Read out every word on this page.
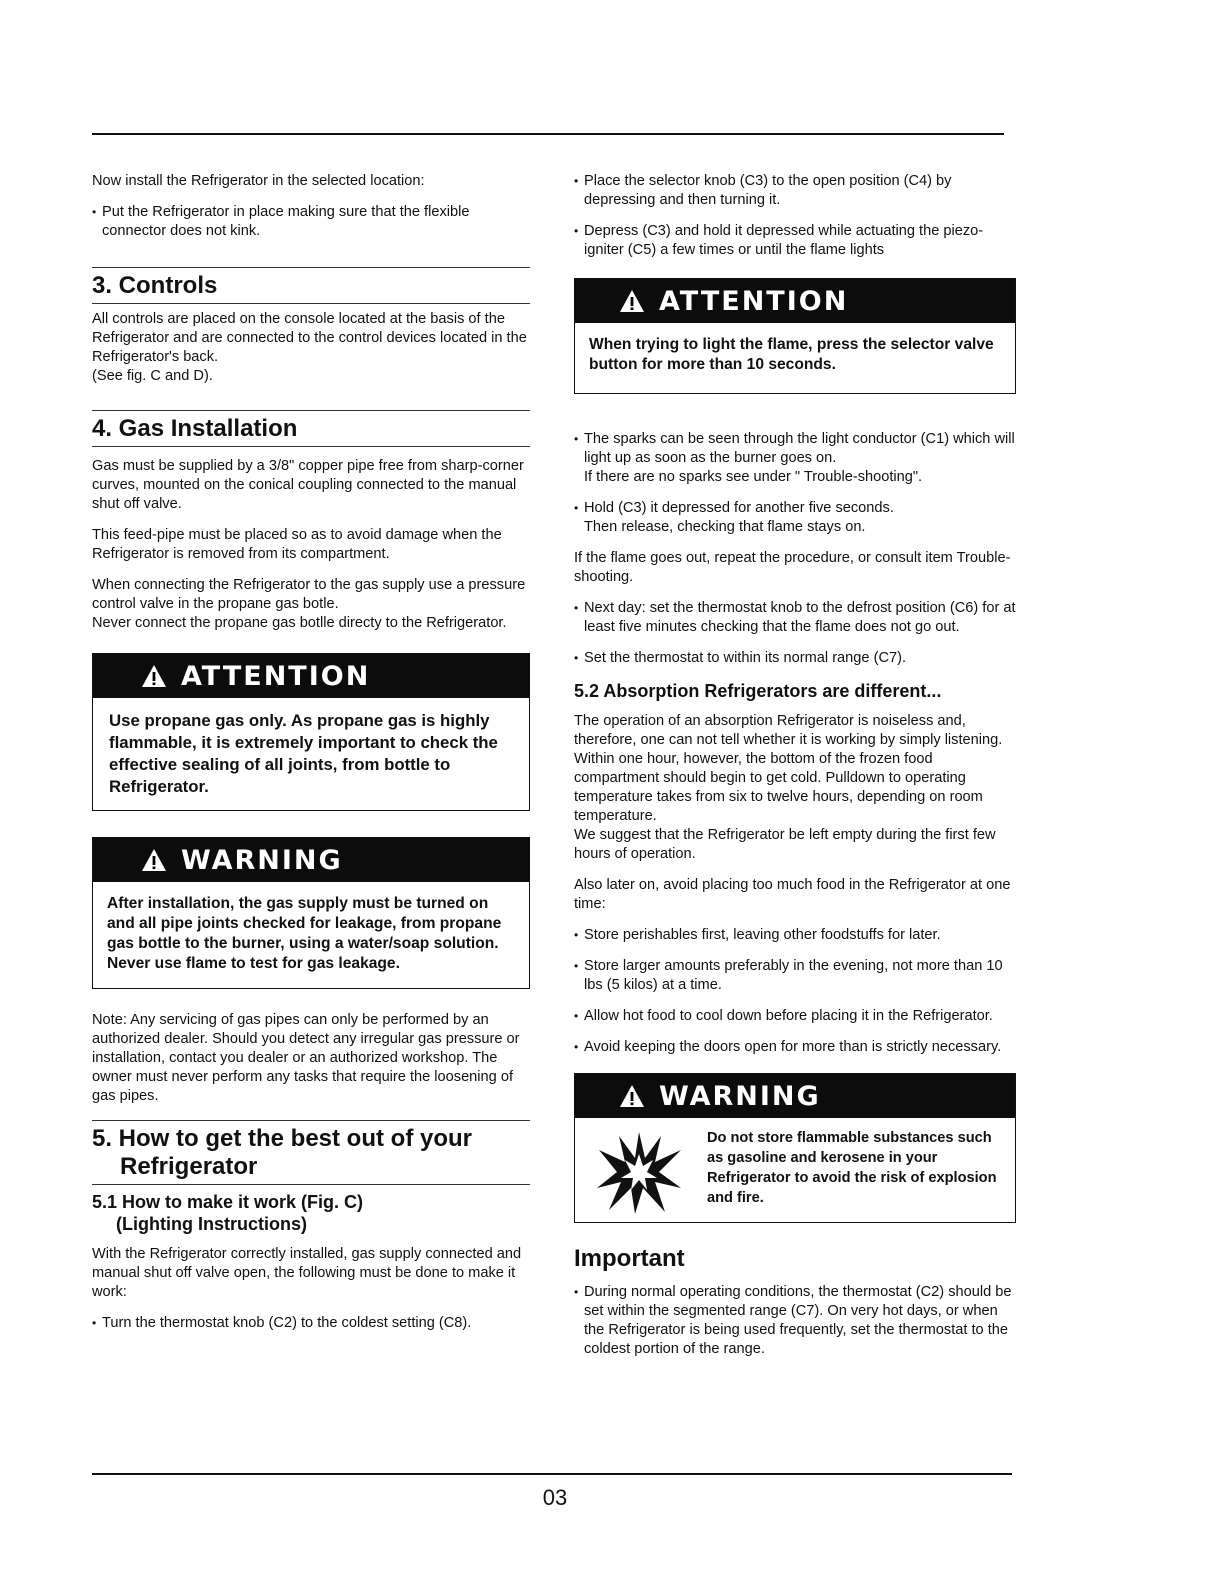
Now install the Refrigerator in the selected location:

• Put the Refrigerator in place making sure that the flexible connector does not kink.
3. Controls

All controls are placed on the console located at the basis of the Refrigerator and are connected to the control devices located in the Refrigerator's back.

(See fig. C and D).

4. Gas Installation

Gas must be supplied by a 3/8" copper pipe free from sharp-corner curves, mounted on the conical coupling connected to the manual shut off valve.

This feed-pipe must be placed so as to avoid damage when the Refrigerator is removed from its compartment.

When connecting the Refrigerator to the gas supply use a pressure control valve in the propane gas botle.

Never connect the propane gas botlle directy to the Refrigerator.

ATTENTION
Use propane gas only. As propane gas is highly flammable, it is extremely important to check the effective sealing of all joints, from bottle to Refrigerator.
WARNING
After installation, the gas supply must be turned on and all pipe joints checked for leakage, from propane gas bottle to the burner, using a water/soap solution. Never use flame to test for gas leakage.

Note: Any servicing of gas pipes can only be performed by an authorized dealer. Should you detect any irregular gas pressure or installation, contact you dealer or an authorized workshop. The owner must never perform any tasks that require the loosening of gas pipes.

5. How to get the best out of your
Refrigerator
5.1 How to make it work (Fig. C)
(Lighting Instructions)

With the Refrigerator correctly installed, gas supply connected and manual shut off valve open, the following must be done to make it work:

• Turn the thermostat knob (C2) to the coldest setting (C8).
• Place the selector knob (C3) to the open position (C4) by depressing and then turning it.
• Depress (C3) and hold it depressed while actuating the piezo-igniter (C5) a few times or until the flame lights
ATTENTION
When trying to light the flame, press the selector valve button for more than 10 seconds.
• The sparks can be seen through the light conductor (C1) which will light up as soon as the burner goes on.

If there are no sparks see under " Trouble-shooting".

• Hold (C3) it depressed for another five seconds.

Then release, checking that flame stays on.

If the flame goes out, repeat the procedure, or consult item Trouble-shooting.

• Next day: set the thermostat knob to the defrost position (C6) for at least five minutes checking that the flame does not go out.
• Set the thermostat to within its normal range (C7).
5.2 Absorption Refrigerators are different...

The operation of an absorption Refrigerator is noiseless and, therefore, one can not tell whether it is working by simply listening. Within one hour, however, the bottom of the frozen food compartment should begin to get cold. Pulldown to operating temperature takes from six to twelve hours, depending on room temperature.

We suggest that the Refrigerator be left empty during the first few hours of operation.

Also later on, avoid placing too much food in the Refrigerator at one time:

• Store perishables first, leaving other foodstuffs for later.
• Store larger amounts preferably in the evening, not more than 10 lbs (5 kilos) at a time.
• Allow hot food to cool down before placing it in the Refrigerator.
• Avoid keeping the doors open for more than is strictly necessary.
WARNING
Do not store flammable substances such as gasoline and kerosene in your Refrigerator to avoid the risk of explosion and fire.
Important
• During normal operating conditions, the thermostat (C2) should be set within the segmented range (C7). On very hot days, or when the Refrigerator is being used frequently, set the thermostat to the coldest portion of the range.
03
